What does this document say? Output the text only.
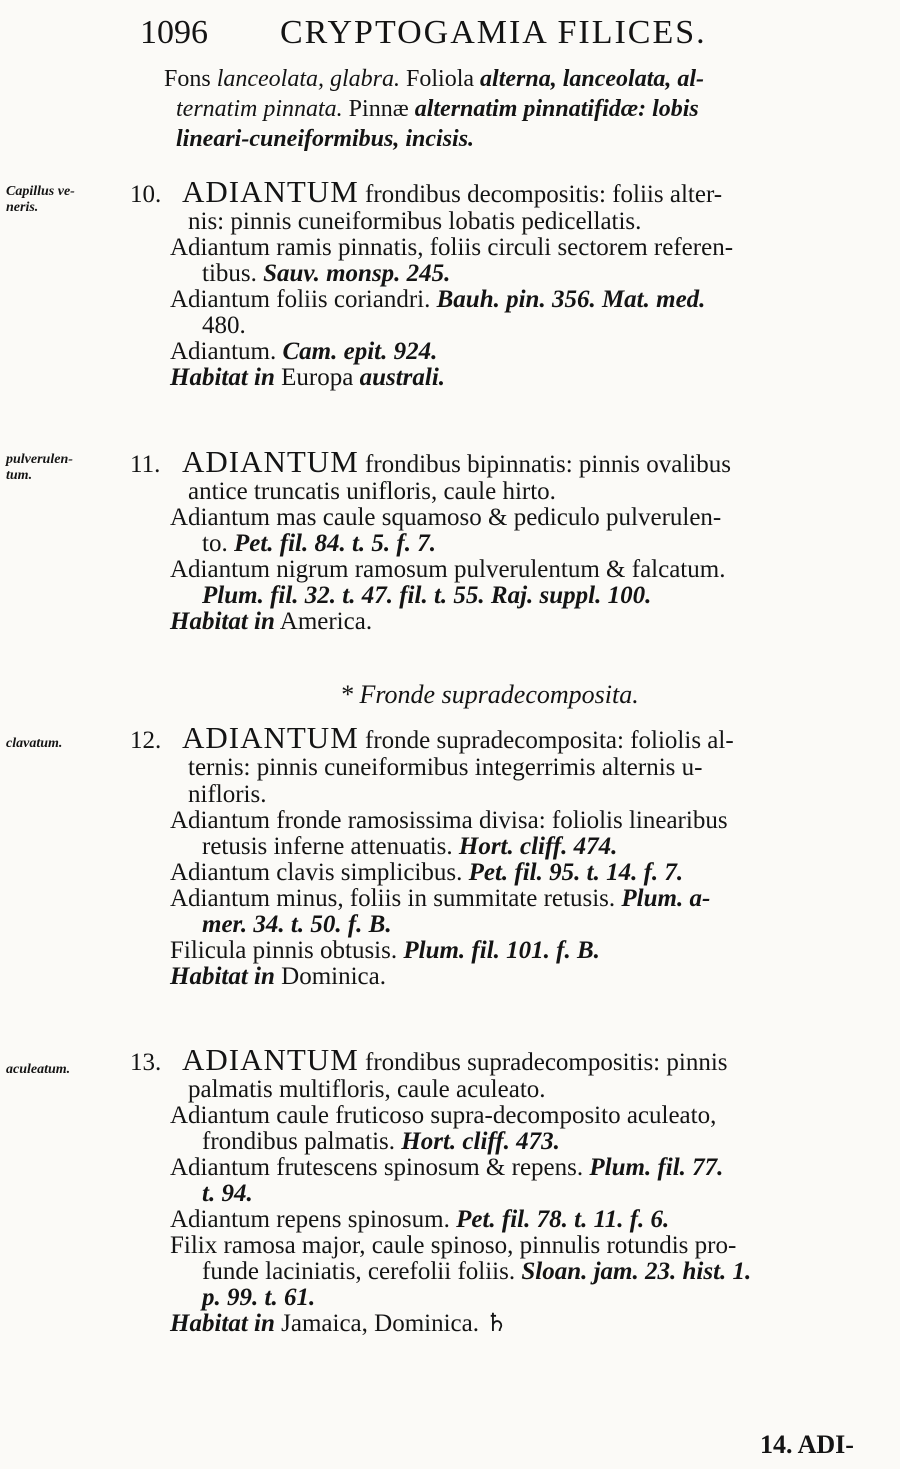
1096 CRYPTOGAMIA FILICES.
Fons lanceolata, glabra. Foliola alterna, lanceolata, al-
ternatim pinnata. Pinnæ alternatim pinnatifidæ: lobis
lineari-cuneiformibus, incisis.
Capillus ve-
neris.	10. ADIANTUM frondibus decompositis: foliis alter-
nis: pinnis cuneiformibus lobatis pedicellatis.
Adiantum ramis pinnatis, foliis circuli sectorem referen-
tibus. Sauv. monsp. 245.
Adiantum foliis coriandri. Bauh. pin. 356. Mat. med.
480.
Adiantum. Cam. epit. 924.
Habitat in Europa australi.
pulverulen-
tum.	11. ADIANTUM frondibus bipinnatis: pinnis ovalibus
antice truncatis unifloris, caule hirto.
Adiantum mas caule squamoso & pediculo pulverulen-
to. Pet. fil. 84. t. 5. f. 7.
Adiantum nigrum ramosum pulverulentum & falcatum.
Plum. fil. 32. t. 47. fil. t. 55. Raj. suppl. 100.
Habitat in America.
* Fronde supradecomposita.
clavatum.	12. ADIANTUM fronde supradecomposita: foliolis al-
ternis: pinnis cuneiformibus integerrimis alternis u-
nifloris.
Adiantum fronde ramosissima divisa: foliolis linearibus
retusis inferne attenuatis. Hort. cliff. 474.
Adiantum clavis simplicibus. Pet. fil. 95. t. 14. f. 7.
Adiantum minus, foliis in summitate retusis. Plum. a-
mer. 34. t. 50. f. B.
Filicula pinnis obtusis. Plum. fil. 101. f. B.
Habitat in Dominica.
aculeatum.	13. ADIANTUM frondibus supradecompositis: pinnis
palmatis multifloris, caule aculeato.
Adiantum caule fruticoso supra-decomposito aculeato,
frondibus palmatis. Hort. cliff. 473.
Adiantum frutescens spinosum & repens. Plum. fil. 77.
t. 94.
Adiantum repens spinosum. Pet. fil. 78. t. 11. f. 6.
Filix ramosa major, caule spinoso, pinnulis rotundis pro-
funde laciniatis, cerefolii foliis. Sloan. jam. 23. hist. 1.
p. 99. t. 61.
Habitat in Jamaica, Dominica. ♄
14. ADI-
